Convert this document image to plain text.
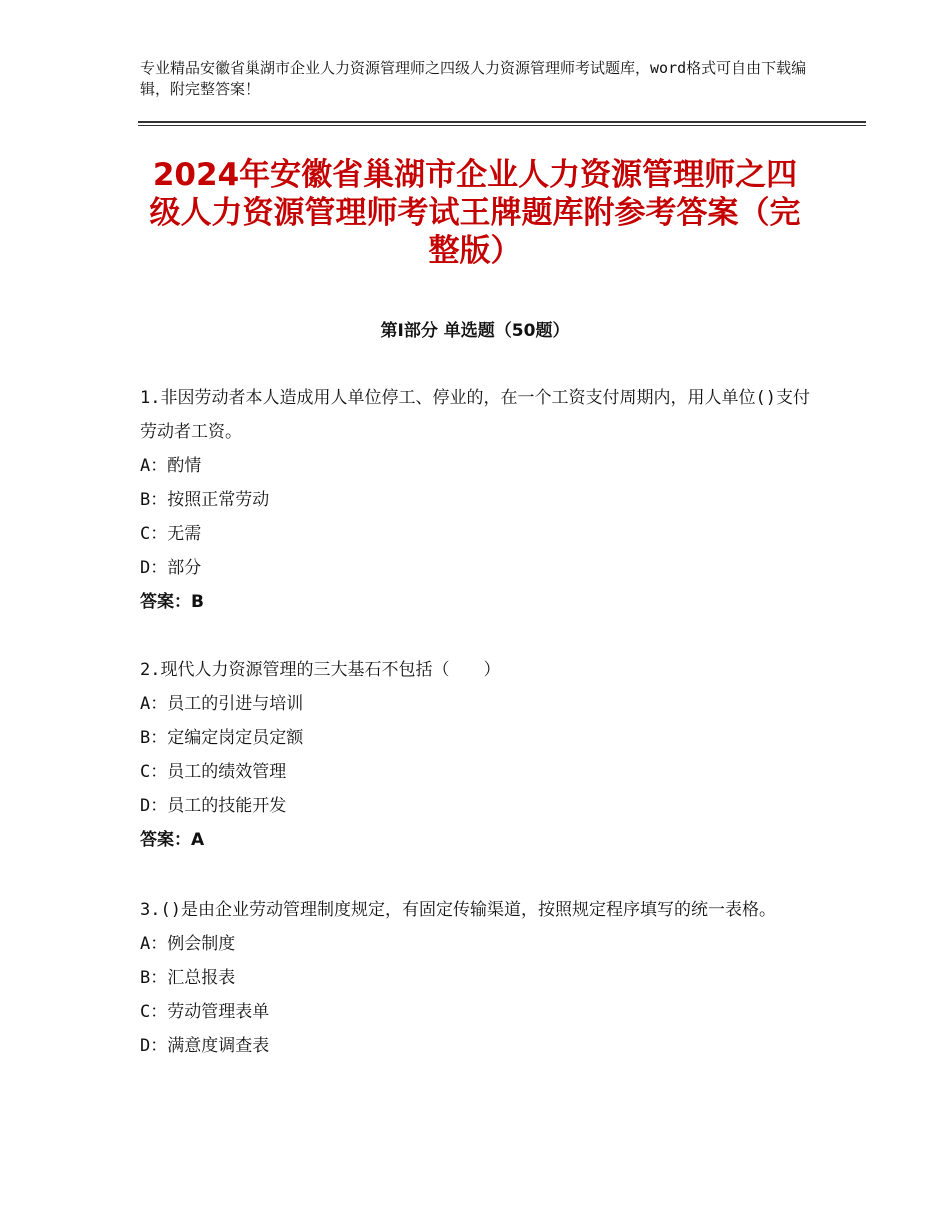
专业精品安徽省巢湖市企业人力资源管理师之四级人力资源管理师考试题库，word格式可自由下载编辑，附完整答案！
2024年安徽省巢湖市企业人力资源管理师之四级人力资源管理师考试王牌题库附参考答案（完整版）
第Ⅰ部分 单选题（50题）
1.非因劳动者本人造成用人单位停工、停业的，在一个工资支付周期内，用人单位()支付劳动者工资。
A：酌情
B：按照正常劳动
C：无需
D：部分
答案：B
2.现代人力资源管理的三大基石不包括（　　）
A：员工的引进与培训
B：定编定岗定员定额
C：员工的绩效管理
D：员工的技能开发
答案：A
3.()是由企业劳动管理制度规定，有固定传输渠道，按照规定程序填写的统一表格。
A：例会制度
B：汇总报表
C：劳动管理表单
D：满意度调查表
